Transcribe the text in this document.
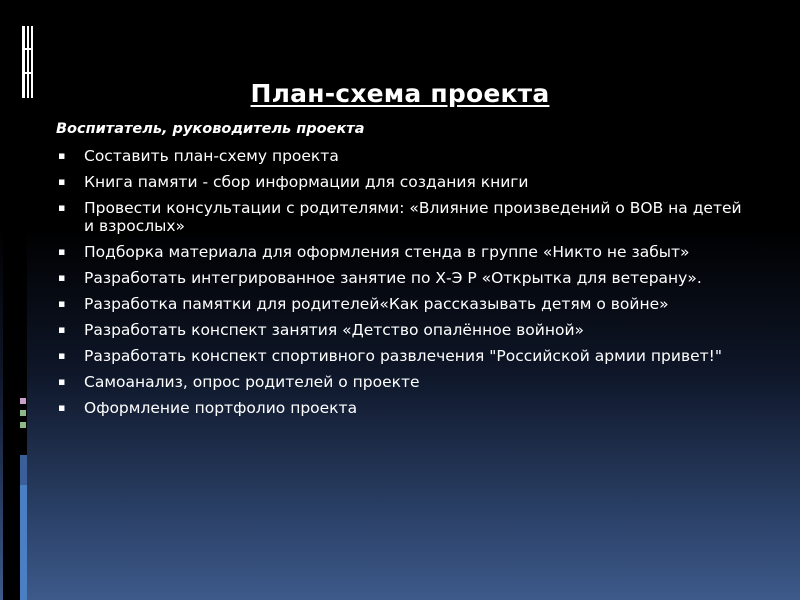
План-схема проекта
Воспитатель, руководитель проекта
▪ Составить план-схему проекта
▪ Книга памяти - сбор информации для создания книги
▪ Провести консультации с родителями: «Влияние произведений о ВОВ на детей и взрослых»
▪ Подборка материала для оформления стенда в группе «Никто не забыт»
▪ Разработать интегрированное занятие по Х-Э Р «Открытка для ветерану».
▪ Разработка памятки для родителей«Как рассказывать детям о войне»
▪ Разработать конспект занятия «Детство опалённое войной»
▪ Разработать конспект спортивного развлечения "Российской армии привет!"
▪ Самоанализ, опрос родителей о проекте
▪ Оформление портфолио проекта
